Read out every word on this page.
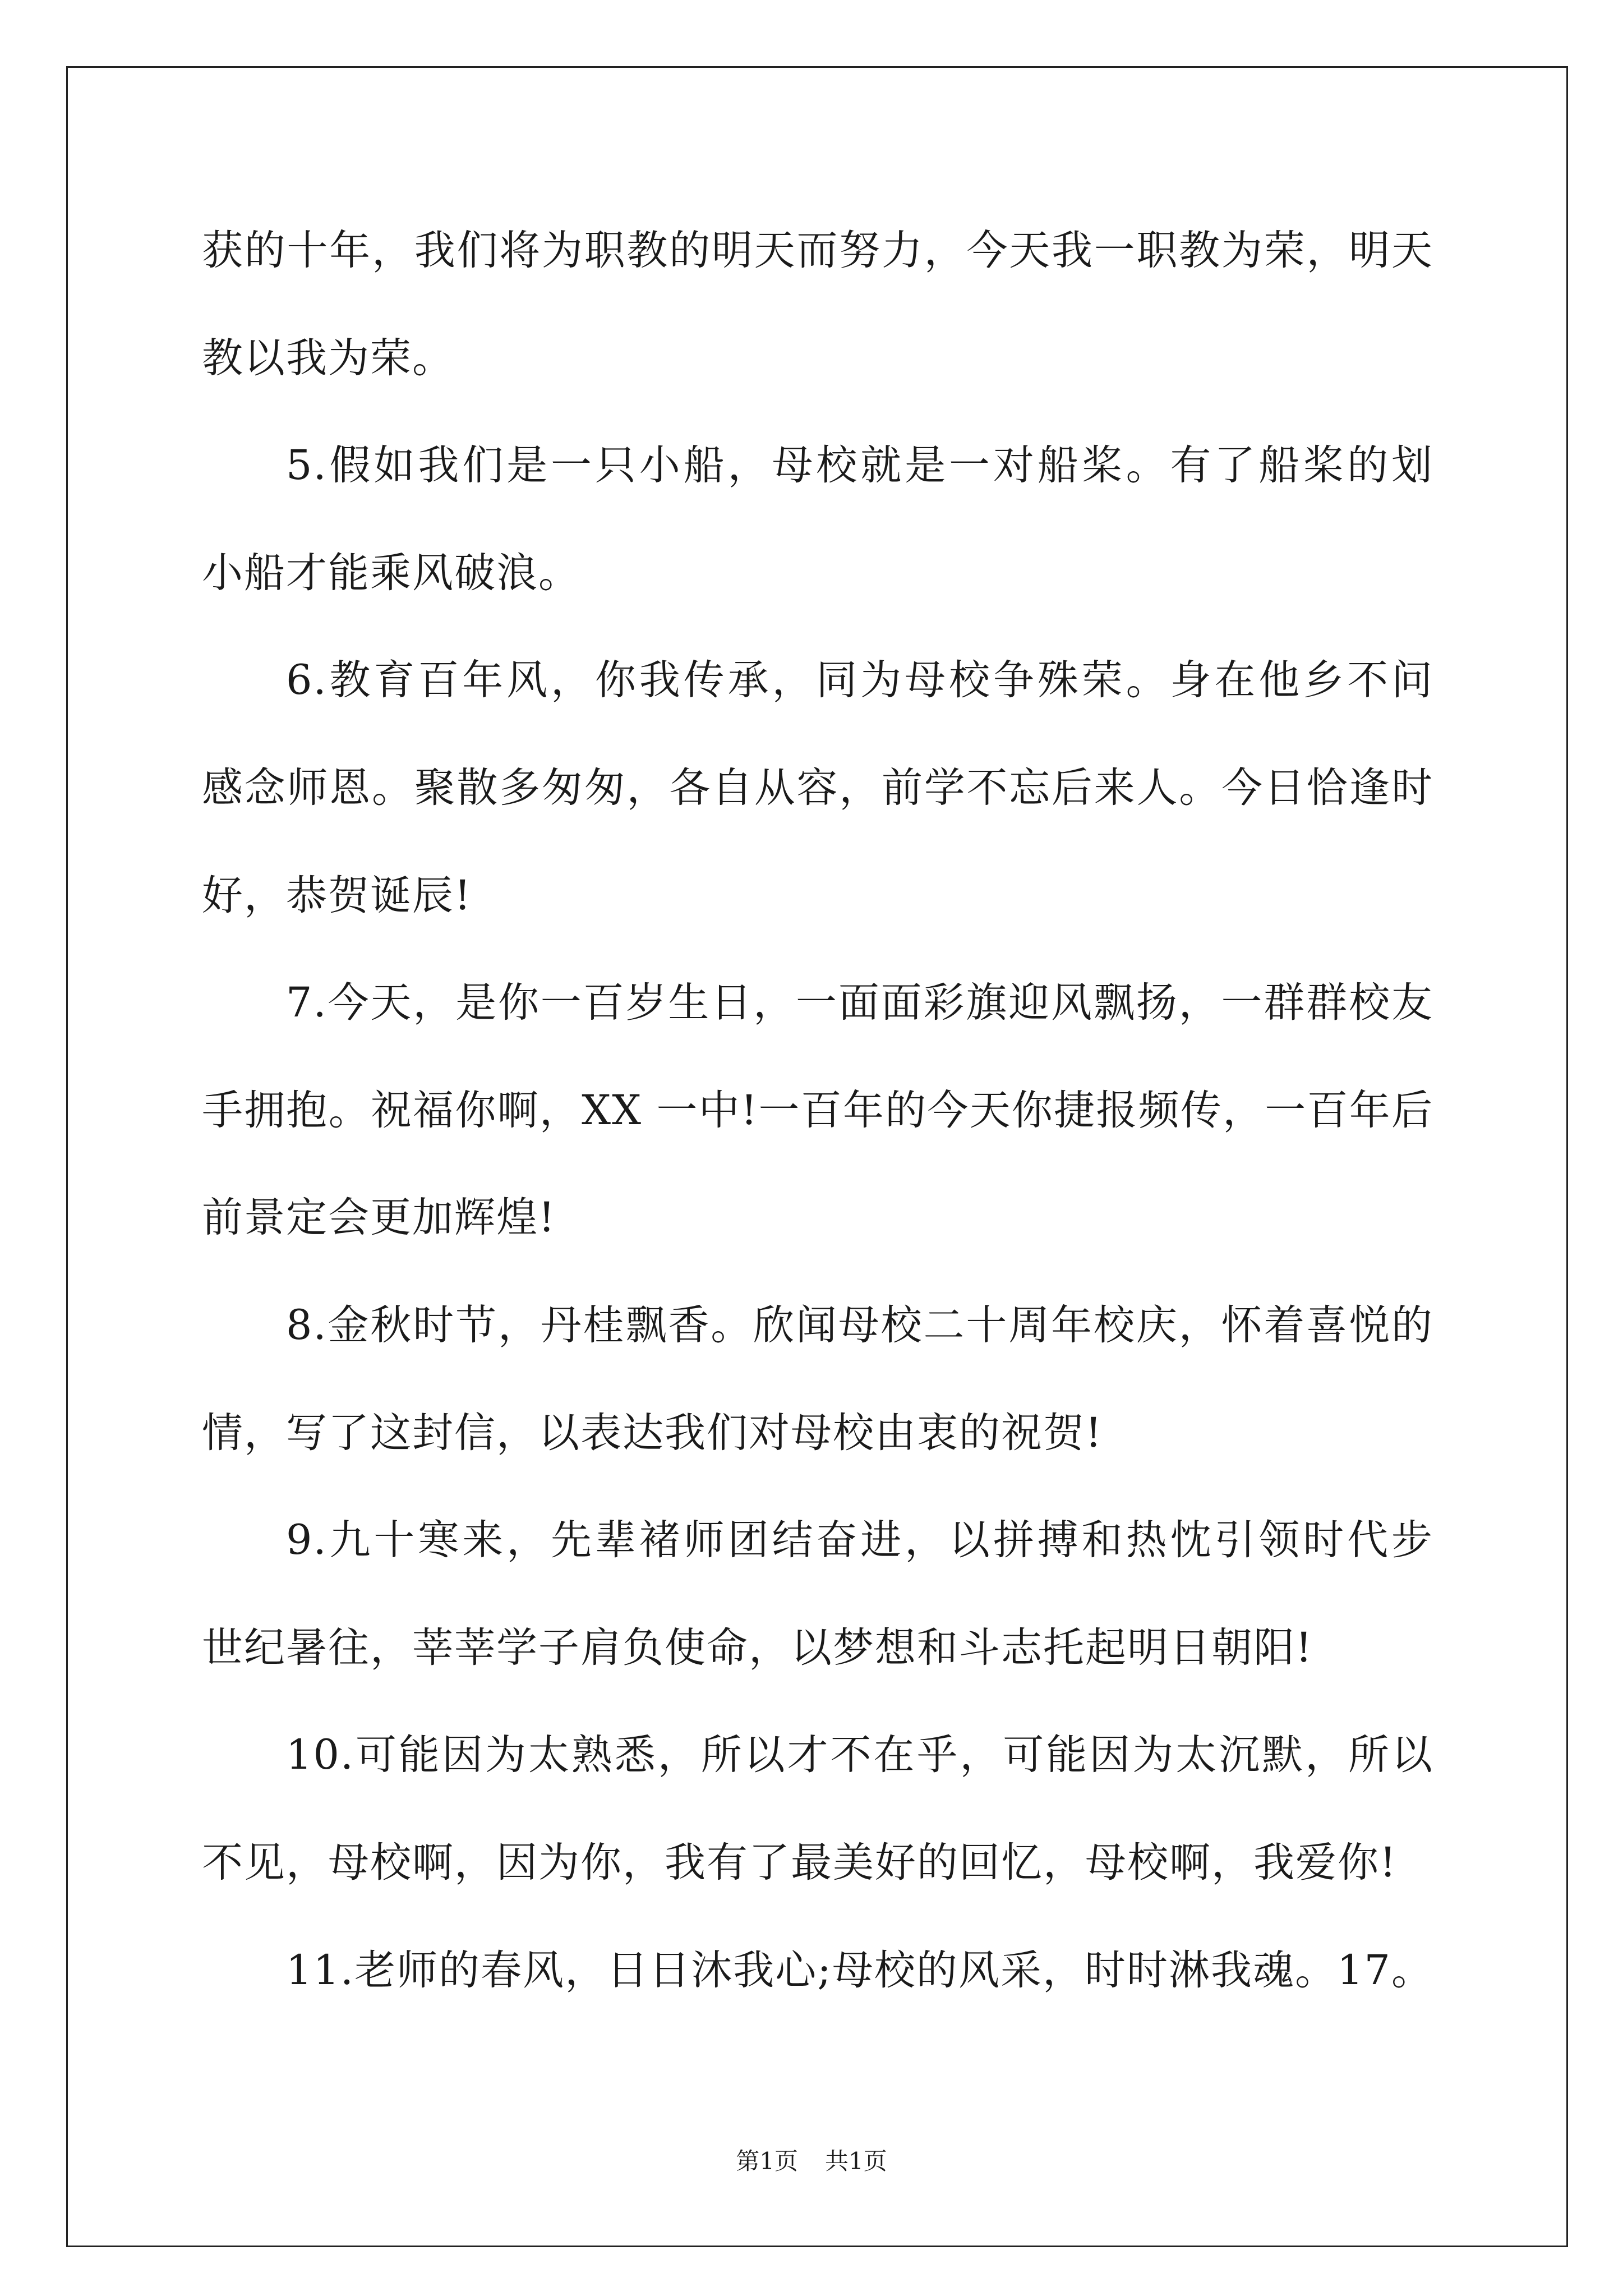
获的十年，我们将为职教的明天而努力，今天我一职教为荣，明天
教以我为荣。
5.假如我们是一只小船，母校就是一对船桨。有了船桨的划
小船才能乘风破浪。
6.教育百年风，你我传承，同为母校争殊荣。身在他乡不问
感念师恩。聚散多匆匆，各自从容，前学不忘后来人。今日恰逢时
好，恭贺诞辰!
7.今天，是你一百岁生日，一面面彩旗迎风飘扬，一群群校友
手拥抱。祝福你啊，XX 一中!一百年的今天你捷报频传，一百年后
前景定会更加辉煌!
8.金秋时节，丹桂飘香。欣闻母校二十周年校庆，怀着喜悦的
情，写了这封信，以表达我们对母校由衷的祝贺!
9.九十寒来，先辈褚师团结奋进，以拼搏和热忱引领时代步
世纪暑往，莘莘学子肩负使命，以梦想和斗志托起明日朝阳!
10.可能因为太熟悉，所以才不在乎，可能因为太沉默，所以
不见，母校啊，因为你，我有了最美好的回忆，母校啊，我爱你!
11.老师的春风，日日沐我心;母校的风采，时时淋我魂。17。
第1页 共1页
